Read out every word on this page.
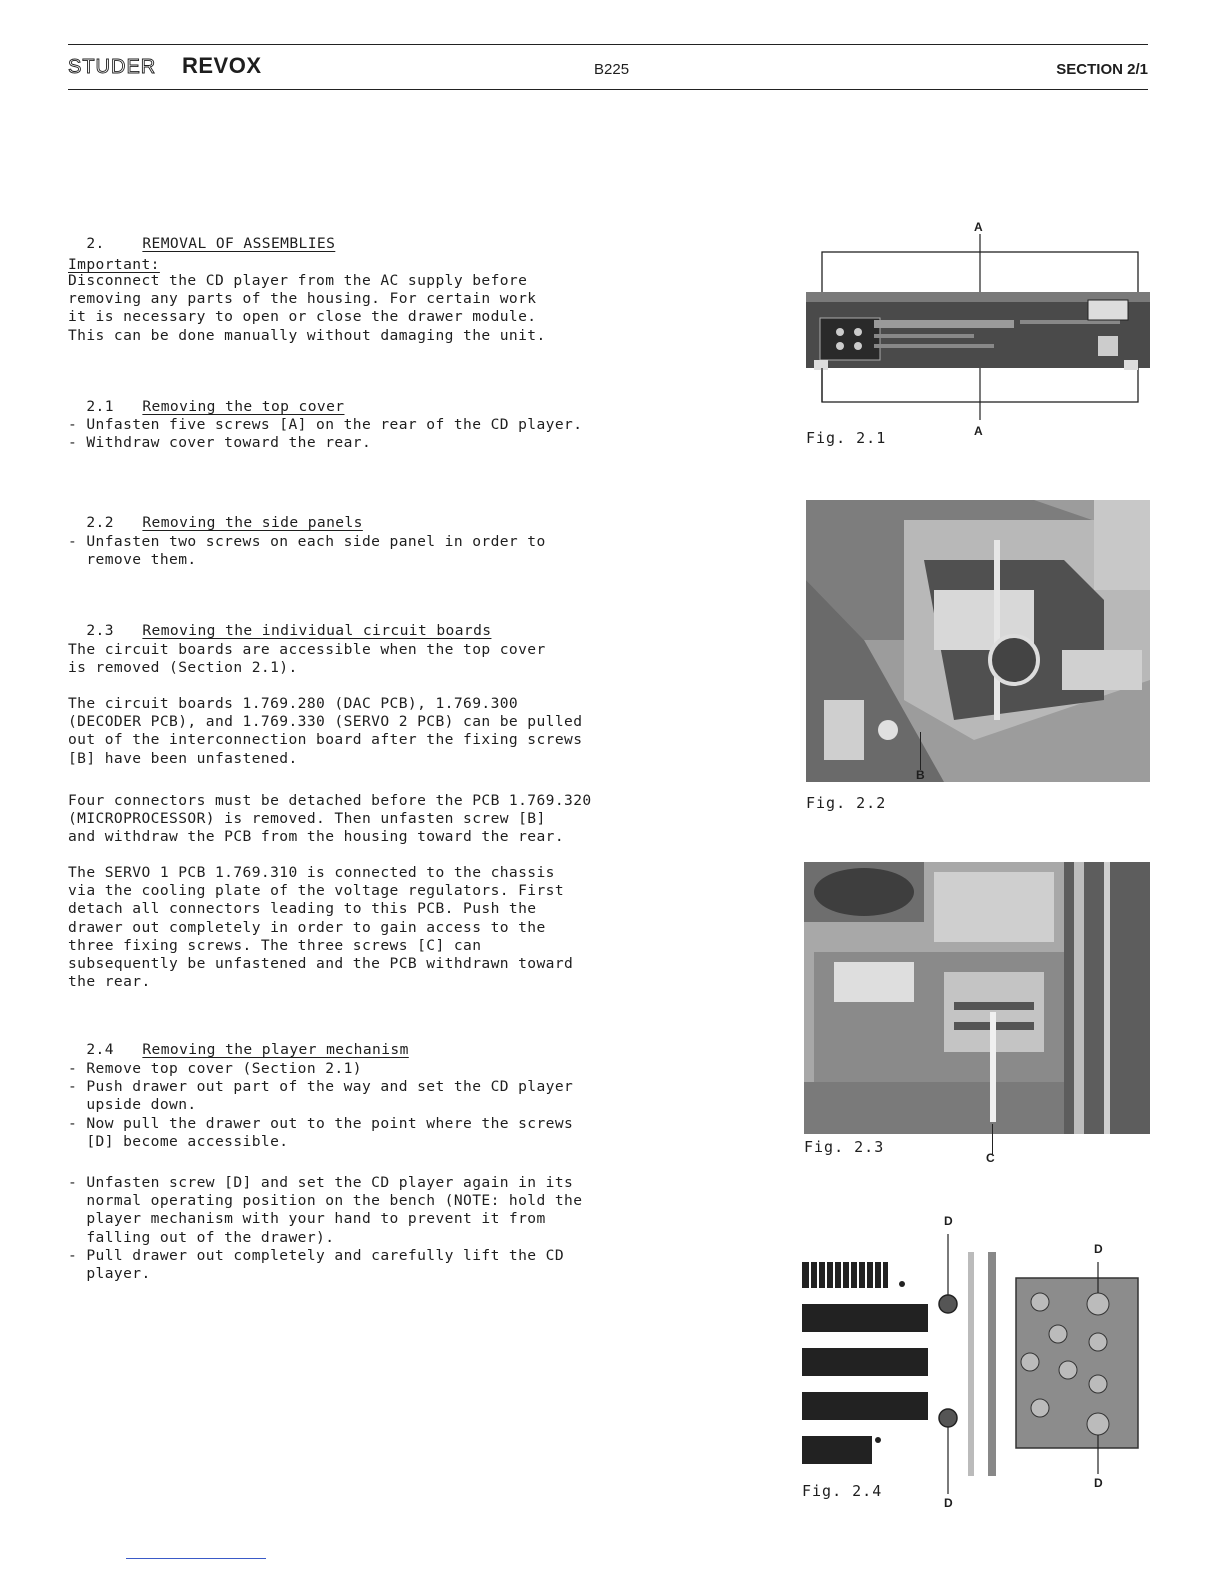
STUDER REVOX	B225	SECTION 2/1

2.	REMOVAL OF ASSEMBLIES

Important:
Disconnect the CD player from the AC supply before
removing any parts of the housing. For certain work
it is necessary to open or close the drawer module.
This can be done manually without damaging the unit.

2.1 Removing the top cover

- Unfasten five screws [A] on the rear of the CD player.
- Withdraw cover toward the rear.

2.2 Removing the side panels

- Unfasten two screws on each side panel in order to
remove them.

2.3 Removing the individual circuit boards

The circuit boards are accessible when the top cover
is removed (Section 2.1).
The circuit boards 1.769.280 (DAC PCB), 1.769.300
(DECODER PCB), and 1.769.330 (SERVO 2 PCB) can be pulled
out of the interconnection board after the fixing screws
[B] have been unfastened.
Four connectors must be detached before the PCB 1.769.320
(MICROPROCESSOR) is removed. Then unfasten screw [B]
and withdraw the PCB from the housing toward the rear.
The SERVO 1 PCB 1.769.310 is connected to the chassis
via the cooling plate of the voltage regulators. First
detach all connectors leading to this PCB. Push the
drawer out completely in order to gain access to the
three fixing screws. The three screws [C] can
subsequently be unfastened and the PCB withdrawn toward
the rear.

2.4 Removing the player mechanism

- Remove top cover (Section 2.1)
- Push drawer out part of the way and set the CD player
upside down.
- Now pull the drawer out to the point where the screws
[D] become accessible.
- Unfasten screw [D] and set the CD player again in its
normal operating position on the bench (NOTE: hold the
player mechanism with your hand to prevent it from
falling out of the drawer).
- Pull drawer out completely and carefully lift the CD
player.
A
A
Fig. 2.1
B
Fig. 2.2
C
Fig. 2.3
D
D
D
D
Fig. 2.4
